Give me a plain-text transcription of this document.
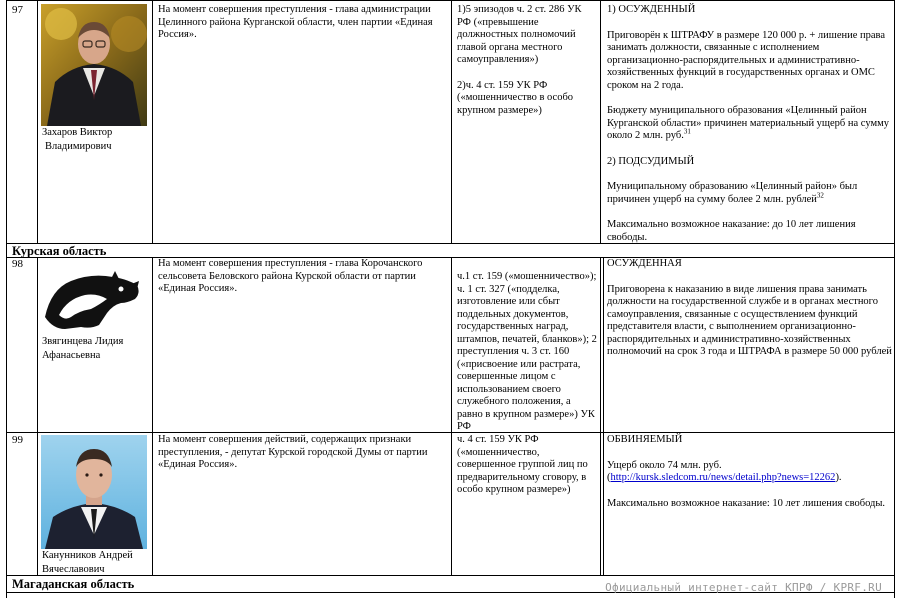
97
Захаров Виктор
Владимирович
На момент совершения преступления - глава администрации Целинного района Курганской области, член партии «Единая Россия».

1)5 эпизодов ч. 2 ст. 286 УК РФ («превышение должностных полномочий главой органа местного самоуправления»)

2)ч. 4 ст. 159 УК РФ («мошенничество в особо крупном размере»)

1) ОСУЖДЕННЫЙ

Приговорён к ШТРАФУ в размере 120 000 р. + лишение права занимать должности, связанные с исполнением организационно-распорядительных и административно-хозяйственных функций в государственных органах и ОМС сроком на 2 года.

Бюджету муниципального образования «Целинный район Курганской области» причинен материальный ущерб на сумму около 2 млн. руб.$^{31}$

2) ПОДСУДИМЫЙ

Муниципальному образованию «Целинный район» был причинен ущерб на сумму более 2 млн. рублей$^{32}$

Максимально возможное наказание: до 10 лет лишения свободы.

Курская область
98
Звягинцева Лидия
Афанасьевна
На момент совершения преступления - глава Корочанского сельсовета Беловского района Курской области от партии «Единая Россия».
ч.1 ст. 159 («мошенничество»); ч. 1 ст. 327 («подделка, изготовление или сбыт поддельных документов, государственных наград, штампов, печатей, бланков»); 2 преступления ч. 3 ст. 160 («присвоение или растрата, совершенные лицом с использованием своего служебного положения, а равно в крупном размере») УК РФ

ОСУЖДЕННАЯ

Приговорена к наказанию в виде лишения права занимать должности на государственной службе и в органах местного самоуправления, связанные с осуществлением функций представителя власти, с выполнением организационно-распорядительных и административно-хозяйственных полномочий на срок 3 года и ШТРАФА в размере 50 000 рублей

99
Канунников Андрей
Вячеславович
На момент совершения действий, содержащих признаки преступления, - депутат Курской городской Думы от партии «Единая Россия».
ч. 4 ст. 159 УК РФ («мошенничество, совершенное группой лиц по предварительному сговору, в особо крупном размере»)

ОБВИНЯЕМЫЙ

Ущерб около 74 млн. руб.
(http://kursk.sledcom.ru/news/detail.php?news=12262).

Максимально возможное наказание: 10 лет лишения свободы.

Магаданская область	Официальный интернет-сайт КПРФ / KPRF.RU
